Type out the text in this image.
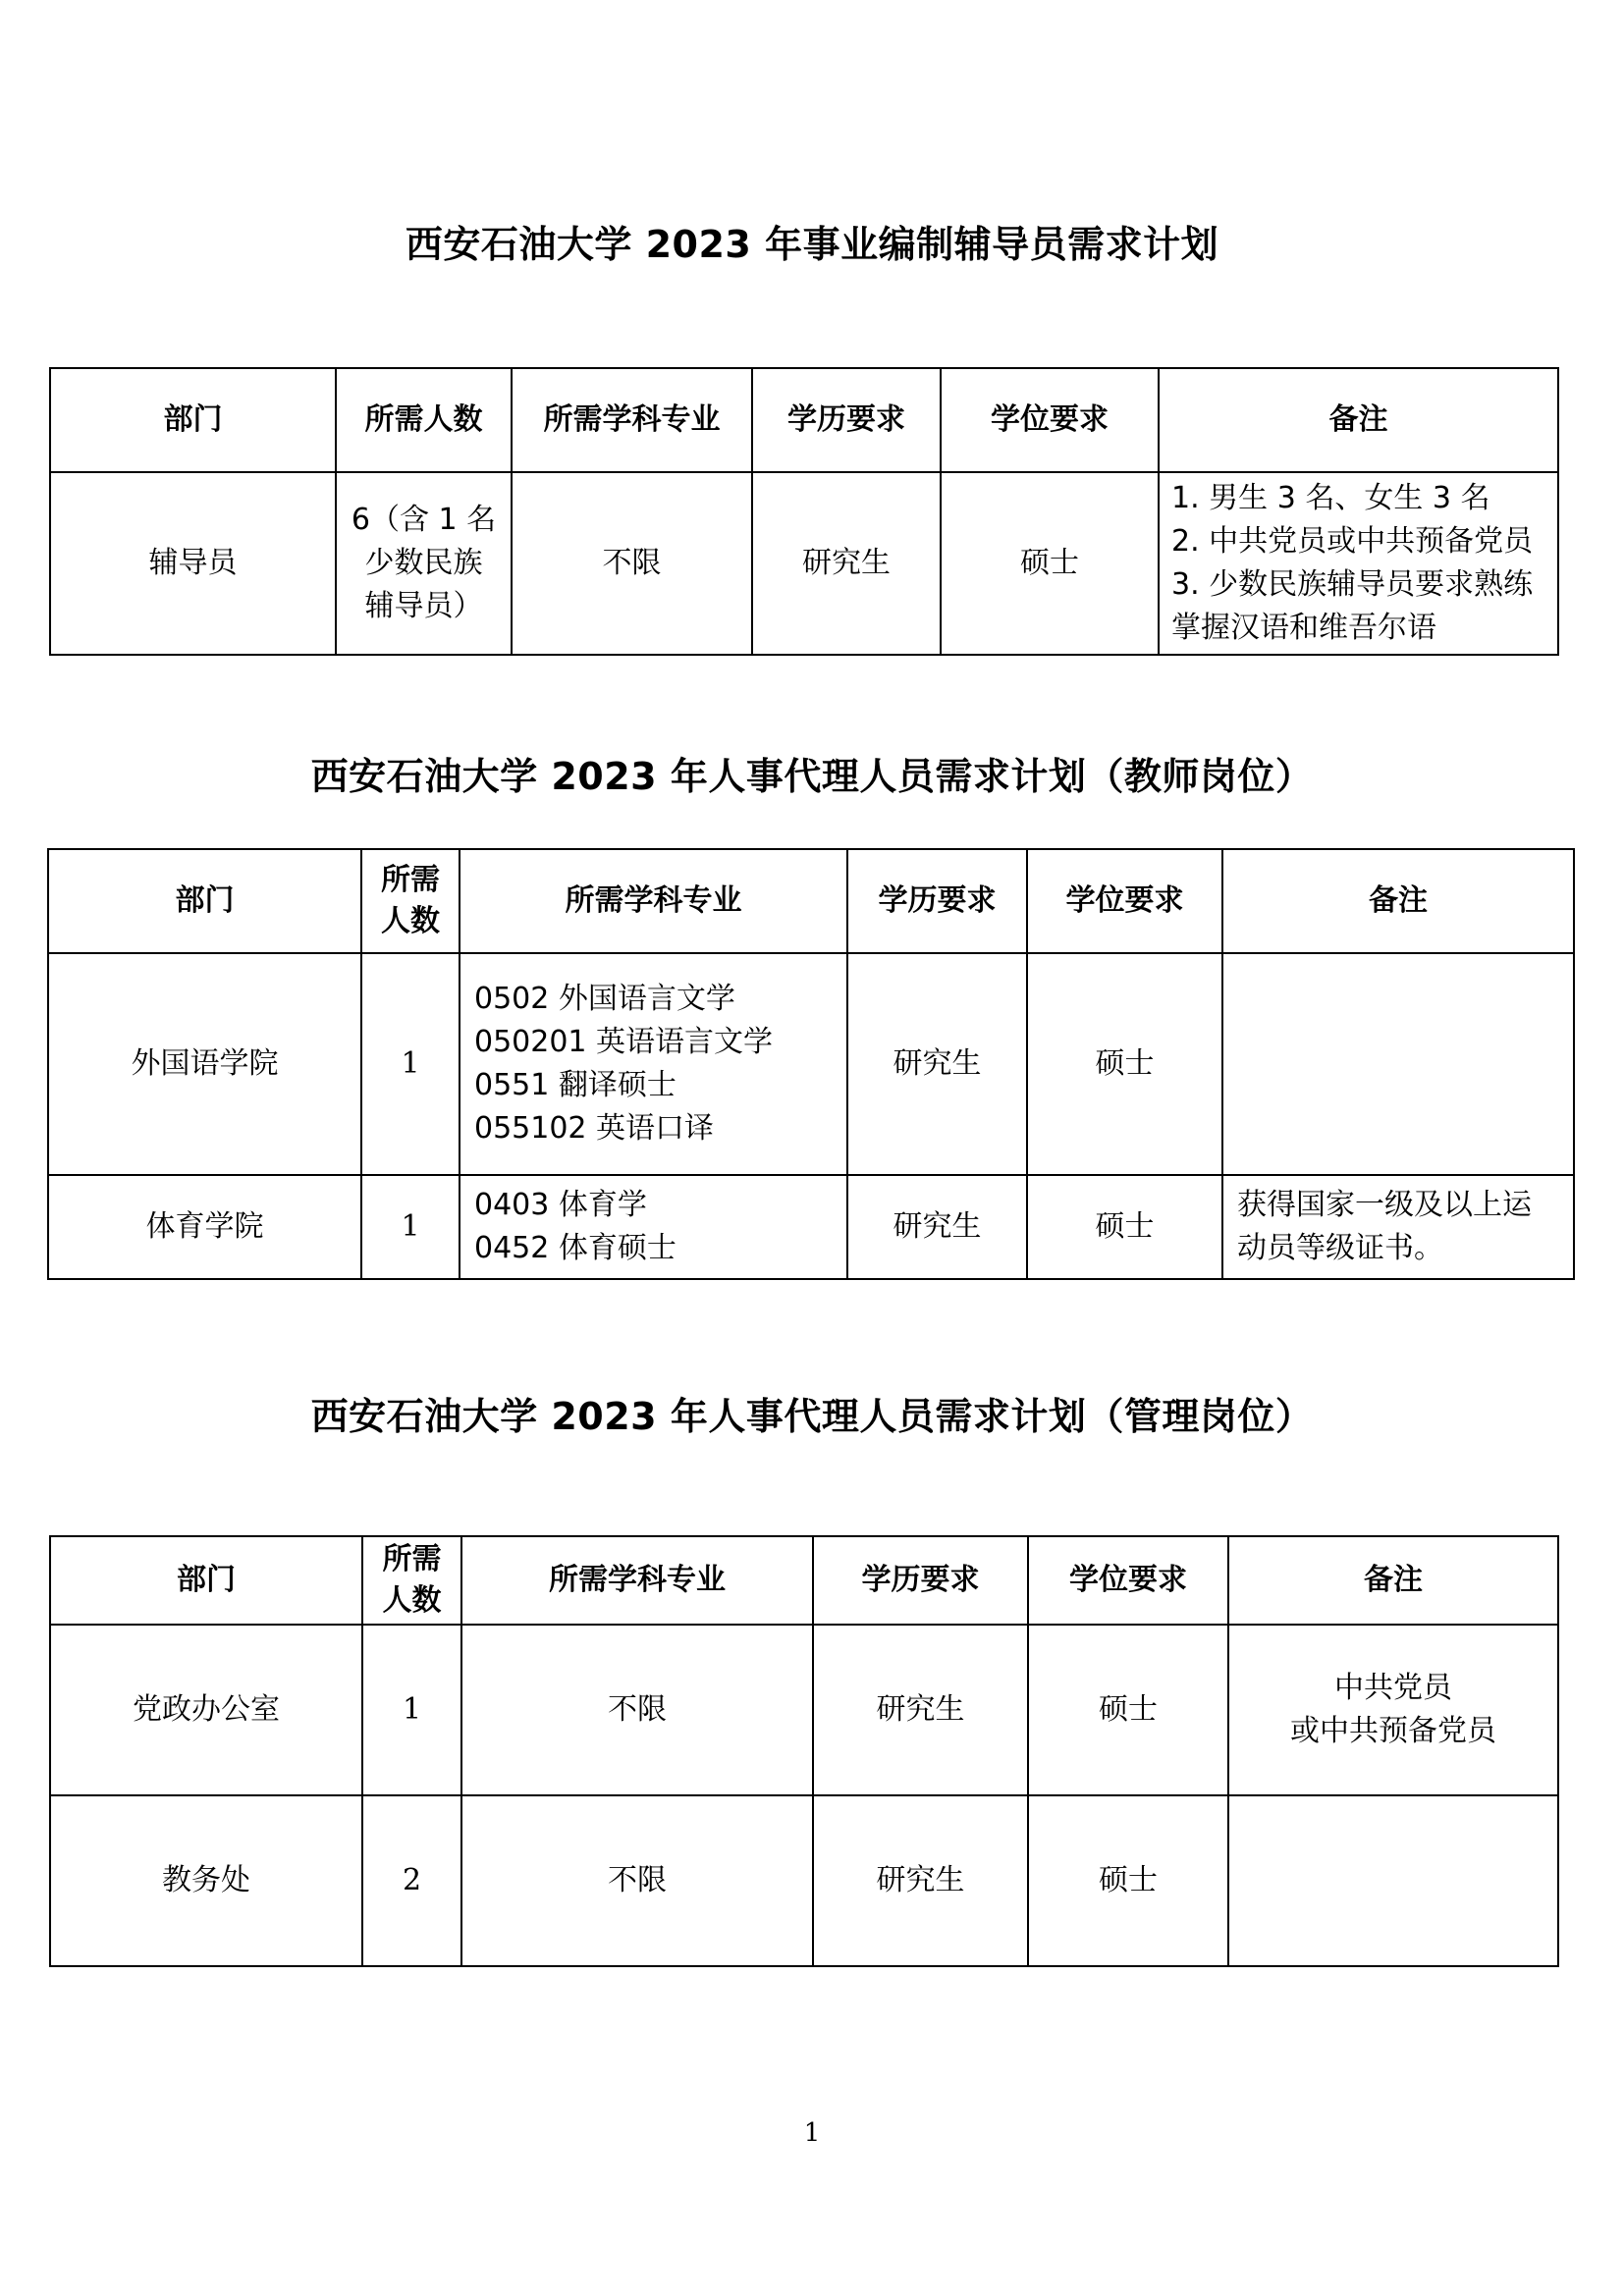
西安石油大学 2023 年事业编制辅导员需求计划
部门	所需人数	所需学科专业	学历要求	学位要求	备注
辅导员	6（含 1 名
少数民族
辅导员）	不限	研究生	硕士	1. 男生 3 名、女生 3 名
2. 中共党员或中共预备党员
3. 少数民族辅导员要求熟练
掌握汉语和维吾尔语
西安石油大学 2023 年人事代理人员需求计划（教师岗位）
部门	所需
人数	所需学科专业	学历要求	学位要求	备注
外国语学院	1	0502 外国语言文学
050201 英语语言文学
0551 翻译硕士
055102 英语口译	研究生	硕士	
体育学院	1	0403 体育学
0452 体育硕士	研究生	硕士	获得国家一级及以上运
动员等级证书。
西安石油大学 2023 年人事代理人员需求计划（管理岗位）
部门	所需
人数	所需学科专业	学历要求	学位要求	备注
党政办公室	1	不限	研究生	硕士	中共党员
或中共预备党员

教务处	2	不限	研究生	硕士	
1
